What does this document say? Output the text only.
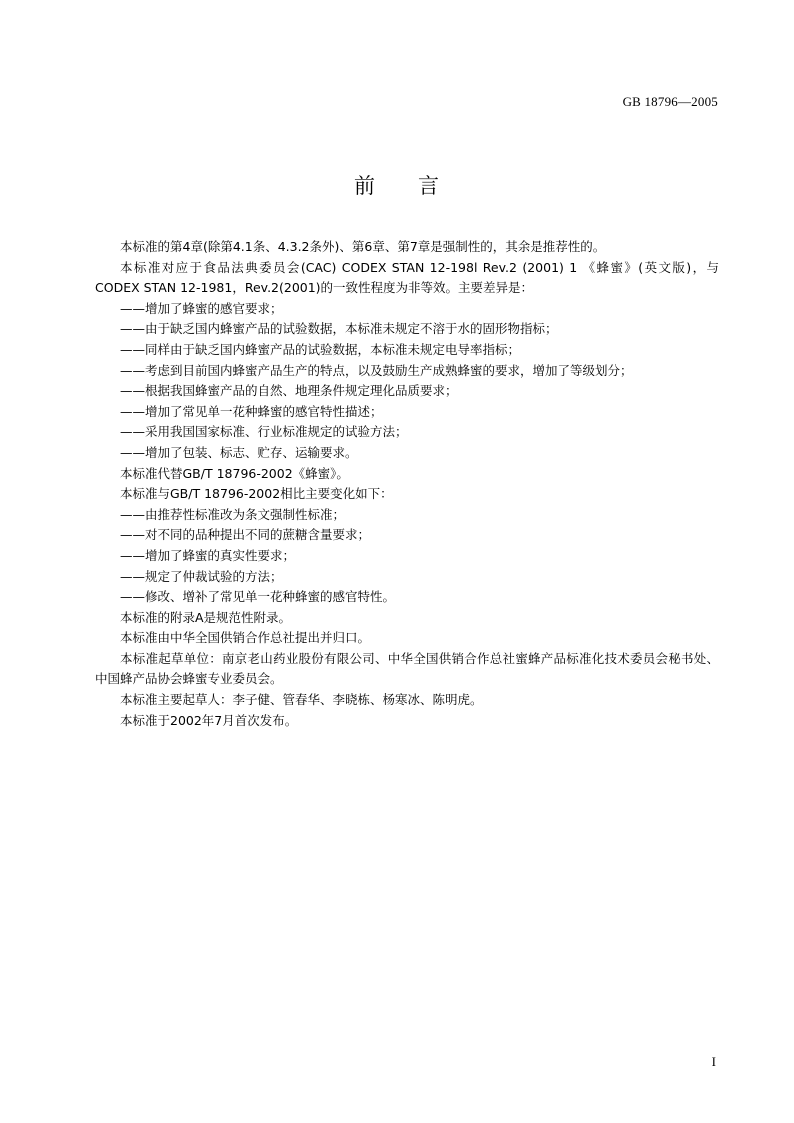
GB 18796—2005
前 言

本标准的第4章(除第4.1条、4.3.2条外)、第6章、第7章是强制性的，其余是推荐性的。

本标准对应于食品法典委员会(CAC) CODEX STAN 12-198l Rev.2 (2001) 1 《蜂蜜》(英文版)，与CODEX STAN 12-1981，Rev.2(2001)的一致性程度为非等效。主要差异是：

——增加了蜂蜜的感官要求；

——由于缺乏国内蜂蜜产品的试验数据，本标准未规定不溶于水的固形物指标；

——同样由于缺乏国内蜂蜜产品的试验数据，本标准未规定电导率指标；

——考虑到目前国内蜂蜜产品生产的特点，以及鼓励生产成熟蜂蜜的要求，增加了等级划分；

——根据我国蜂蜜产品的自然、地理条件规定理化品质要求；

——增加了常见单一花种蜂蜜的感官特性描述；

——采用我国国家标准、行业标准规定的试验方法；

——增加了包装、标志、贮存、运输要求。

本标准代替GB/T 18796-2002《蜂蜜》。

本标准与GB/T 18796-2002相比主要变化如下：

——由推荐性标准改为条文强制性标准；

——对不同的品种提出不同的蔗糖含量要求；

——增加了蜂蜜的真实性要求；

——规定了仲裁试验的方法；

——修改、增补了常见单一花种蜂蜜的感官特性。

本标准的附录A是规范性附录。

本标准由中华全国供销合作总社提出并归口。

本标准起草单位：南京老山药业股份有限公司、中华全国供销合作总社蜜蜂产品标准化技术委员会秘书处、中国蜂产品协会蜂蜜专业委员会。

本标准主要起草人：李子健、管春华、李晓栋、杨寒冰、陈明虎。

本标准于2002年7月首次发布。

I
